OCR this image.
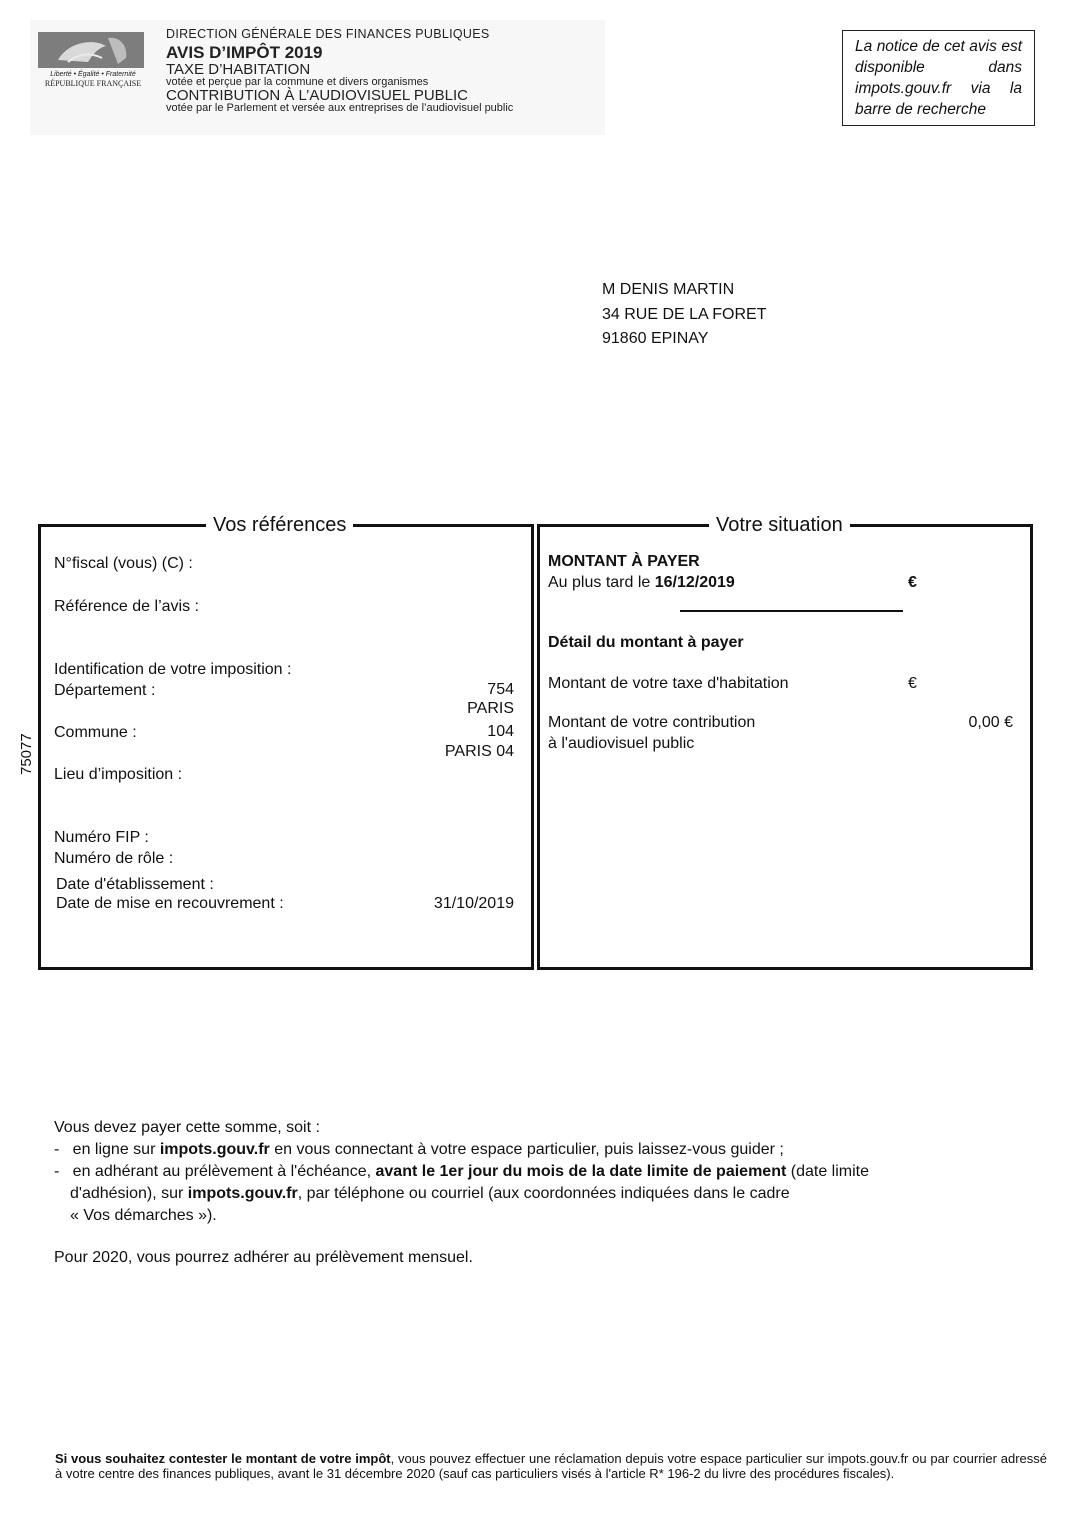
Liberté • Égalité • Fraternité
RÉPUBLIQUE FRANÇAISE
DIRECTION GÉNÉRALE DES FINANCES PUBLIQUES
AVIS D’IMPÔT 2019
TAXE D’HABITATION
votée et perçue par la commune et divers organismes
CONTRIBUTION À L’AUDIOVISUEL PUBLIC
votée par le Parlement et versée aux entreprises de l’audiovisuel public
La notice de cet avis est disponible dans impots.gouv.fr via la barre de recherche
M DENIS MARTIN
34 RUE DE LA FORET
91860 EPINAY
75077
Vos références
N°fiscal (vous) (C) :
Référence de l’avis :
Identification de votre imposition :
Département :	754
PARIS
Commune :	104
PARIS 04
Lieu d’imposition :
Numéro FIP :
Numéro de rôle :
Date d'établissement :
Date de mise en recouvrement :	31/10/2019
Votre situation
MONTANT À PAYER
Au plus tard le 16/12/2019	€
Détail du montant à payer
Montant de votre taxe d'habitation	€
Montant de votre contribution
à l'audiovisuel public
0,00 €

Vous devez payer cette somme, soit :

- en ligne sur impots.gouv.fr en vous connectant à votre espace particulier, puis laissez-vous guider ;

- en adhérant au prélèvement à l'échéance, avant le 1er jour du mois de la date limite de paiement (date limite

d'adhésion), sur impots.gouv.fr, par téléphone ou courriel (aux coordonnées indiquées dans le cadre

« Vos démarches »).

Pour 2020, vous pourrez adhérer au prélèvement mensuel.

Si vous souhaitez contester le montant de votre impôt, vous pouvez effectuer une réclamation depuis votre espace particulier sur impots.gouv.fr ou par courrier adressé à votre centre des finances publiques, avant le 31 décembre 2020 (sauf cas particuliers visés à l'article R* 196-2 du livre des procédures fiscales).
